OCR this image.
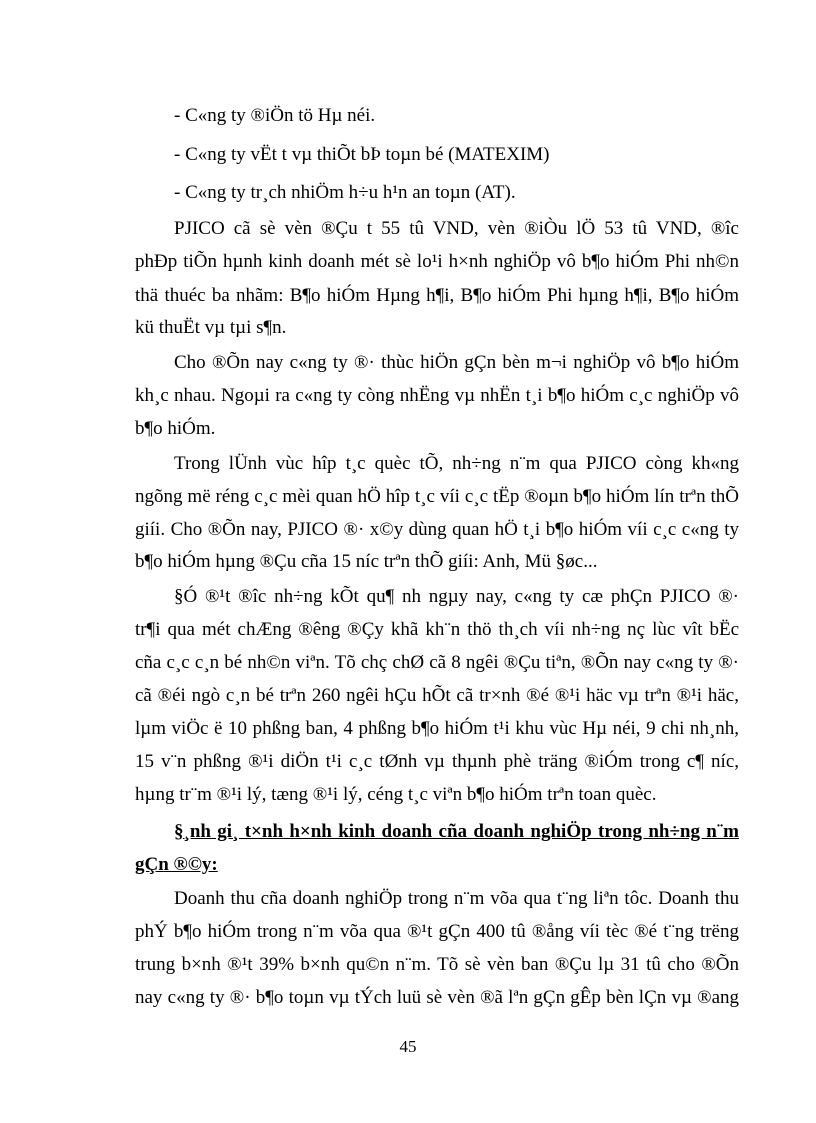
- C«ng ty ®iÖn tö Hµ néi.
- C«ng ty vËt t vµ thiÕt bÞ toµn bé (MATEXIM)
- C«ng ty tr¸ch nhiÖm h÷u h¹n an toµn (AT).
PJICO cã sè vèn ®Çu t 55 tû VND, vèn ®iÒu lÖ 53 tû VND, ®îc
phÐp tiÕn hµnh kinh doanh mét sè lo¹i h×nh nghiÖp vô b¶o hiÓm Phi nh©n
thä thuéc ba nhãm: B¶o hiÓm Hµng h¶i, B¶o hiÓm Phi hµng h¶i, B¶o hiÓm
kü thuËt vµ tµi s¶n.
Cho ®Õn nay c«ng ty ®· thùc hiÖn gÇn bèn m¬i nghiÖp vô b¶o hiÓm
kh¸c nhau. Ngoµi ra c«ng ty còng nhËng vµ nhËn t¸i b¶o hiÓm c¸c nghiÖp vô
b¶o hiÓm.
Trong lÜnh vùc hîp t¸c quèc tÕ, nh÷ng n¨m qua PJICO còng kh«ng
ngõng më réng c¸c mèi quan hÖ hîp t¸c víi c¸c tËp ®oµn b¶o hiÓm lín trªn thÕ
giíi. Cho ®Õn nay, PJICO ®· x©y dùng quan hÖ t¸i b¶o hiÓm víi c¸c c«ng ty
b¶o hiÓm hµng ®Çu cña 15 níc trªn thÕ giíi: Anh, Mü §øc...
§Ó ®¹t ®îc nh÷ng kÕt qu¶ nh ngµy nay, c«ng ty cæ phÇn PJICO ®·
tr¶i qua mét chÆng ®êng ®Çy khã kh¨n thö th¸ch víi nh÷ng nç lùc vît bËc
cña c¸c c¸n bé nh©n viªn. Tõ chç chØ cã 8 ngêi ®Çu tiªn, ®Õn nay c«ng ty ®·
cã ®éi ngò c¸n bé trªn 260 ngêi hÇu hÕt cã tr×nh ®é ®¹i häc vµ trªn ®¹i häc,
lµm viÖc ë 10 phßng ban, 4 phßng b¶o hiÓm t¹i khu vùc Hµ néi, 9 chi nh¸nh,
15 v¨n phßng ®¹i diÖn t¹i c¸c tØnh vµ thµnh phè träng ®iÓm trong c¶ níc,
hµng tr¨m ®¹i lý, tæng ®¹i lý, céng t¸c viªn b¶o hiÓm trªn toan quèc.
§¸nh gi¸ t×nh h×nh kinh doanh cña doanh nghiÖp trong nh÷ng n¨m
gÇn ®©y:
Doanh thu cña doanh nghiÖp trong n¨m võa qua t¨ng liªn tôc. Doanh thu
phÝ b¶o hiÓm trong n¨m võa qua ®¹t gÇn 400 tû ®ång víi tèc ®é t¨ng trëng
trung b×nh ®¹t 39% b×nh qu©n n¨m. Tõ sè vèn ban ®Çu lµ 31 tû cho ®Õn
nay c«ng ty ®· b¶o toµn vµ tÝch luü sè vèn ®ã lªn gÇn gÊp bèn lÇn vµ ®ang
45
